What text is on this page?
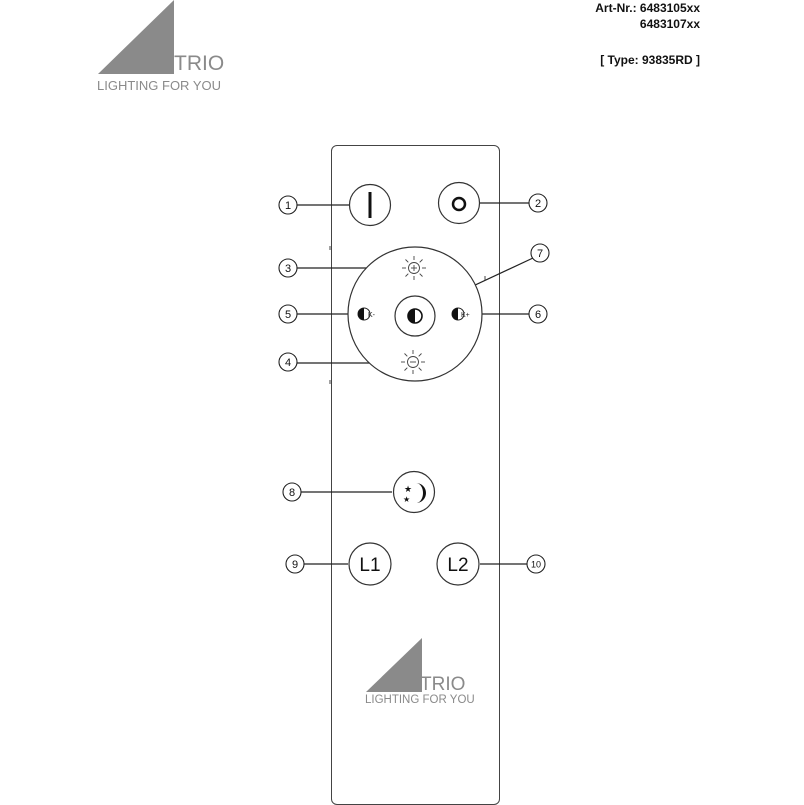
Art-Nr.: 6483105xx
6483107xx
[ Type: 93835RD ]
TRIO
LIGHTING FOR YOU
K-	K+
★
★
L1	L2
1	2
3
4
5	6
7
8
9	10
TRIO
LIGHTING FOR YOU
